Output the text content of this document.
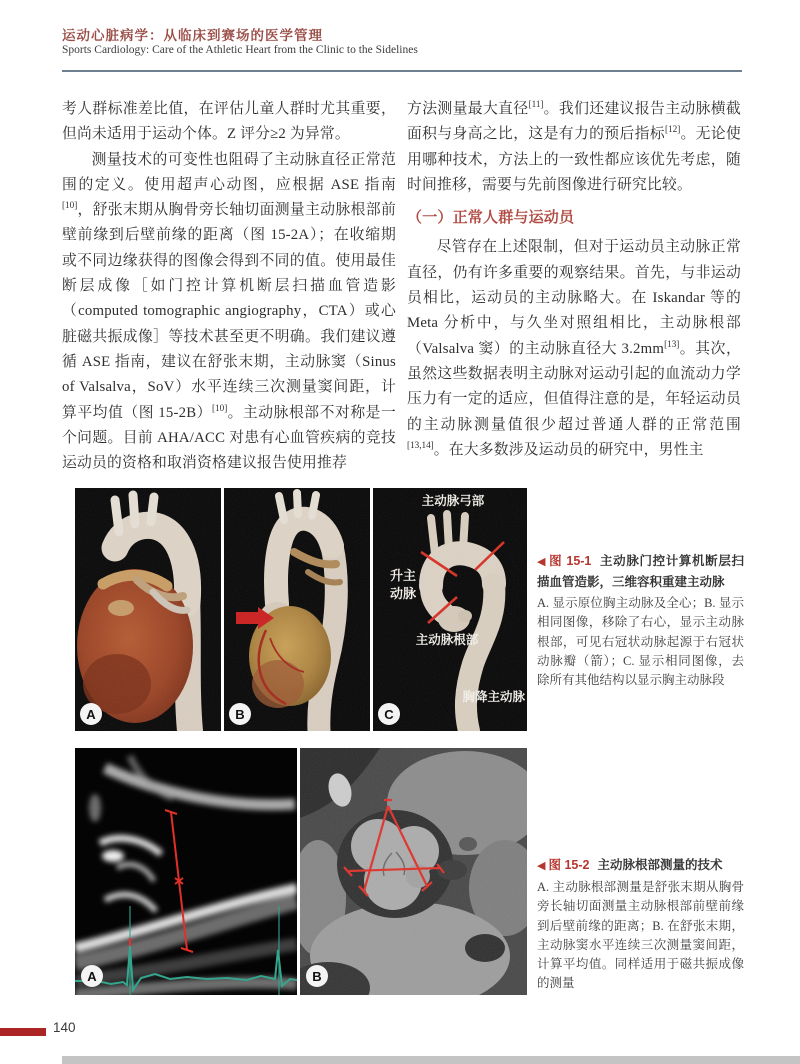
运动心脏病学：从临床到赛场的医学管理
Sports Cardiology: Care of the Athletic Heart from the Clinic to the Sidelines

考人群标准差比值，在评估儿童人群时尤其重要，但尚未适用于运动个体。Z 评分≥2 为异常。

测量技术的可变性也阻碍了主动脉直径正常范围的定义。使用超声心动图，应根据 ASE 指南[10]，舒张末期从胸骨旁长轴切面测量主动脉根部前壁前缘到后壁前缘的距离（图 15-2A）；在收缩期或不同边缘获得的图像会得到不同的值。使用最佳断层成像［如门控计算机断层扫描血管造影（computed tomographic angiography，CTA）或心脏磁共振成像］等技术甚至更不明确。我们建议遵循 ASE 指南，建议在舒张末期，主动脉窦（Sinus of Valsalva，SoV）水平连续三次测量窦间距，计算平均值（图 15-2B）[10]。主动脉根部不对称是一个问题。目前 AHA/ACC 对患有心血管疾病的竞技运动员的资格和取消资格建议报告使用推荐

方法测量最大直径[11]。我们还建议报告主动脉横截面积与身高之比，这是有力的预后指标[12]。无论使用哪种技术，方法上的一致性都应该优先考虑，随时间推移，需要与先前图像进行研究比较。

（一）正常人群与运动员

尽管存在上述限制，但对于运动员主动脉正常直径，仍有许多重要的观察结果。首先，与非运动员相比，运动员的主动脉略大。在 Iskandar 等的 Meta 分析中，与久坐对照组相比，主动脉根部（Valsalva 窦）的主动脉直径大 3.2mm[13]。其次，虽然这些数据表明主动脉对运动引起的血流动力学压力有一定的适应，但值得注意的是，年轻运动员的主动脉测量值很少超过普通人群的正常范围[13,14]。在大多数涉及运动员的研究中，男性主

A	B
主动脉弓部
升主
动脉
主动脉根部
胸降主动脉
C
◀ 图 15-1 主动脉门控计算机断层扫描血管造影，三维容积重建主动脉
A. 显示原位胸主动脉及全心；B. 显示相同图像，移除了右心，显示主动脉根部，可见右冠状动脉起源于右冠状动脉瓣（箭）；C. 显示相同图像，去除所有其他结构以显示胸主动脉段
A	B
◀ 图 15-2 主动脉根部测量的技术
A. 主动脉根部测量是舒张末期从胸骨旁长轴切面测量主动脉根部前壁前缘到后壁前缘的距离；B. 在舒张末期，主动脉窦水平连续三次测量窦间距，计算平均值。同样适用于磁共振成像的测量
140
